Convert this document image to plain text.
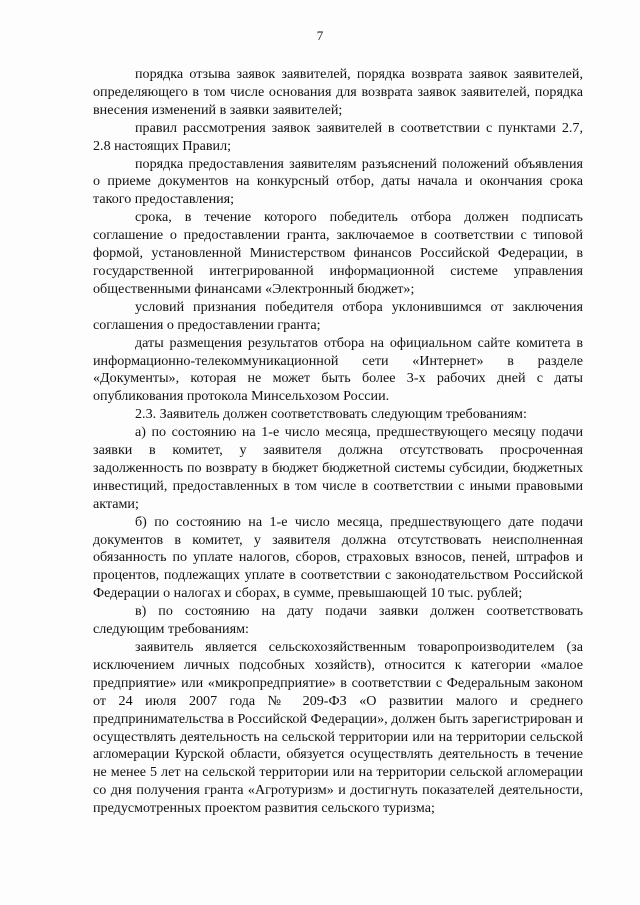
7

порядка отзыва заявок заявителей, порядка возврата заявок заявителей, определяющего в том числе основания для возврата заявок заявителей, порядка внесения изменений в заявки заявителей;

правил рассмотрения заявок заявителей в соответствии с пунктами 2.7, 2.8 настоящих Правил;

порядка предоставления заявителям разъяснений положений объявления о приеме документов на конкурсный отбор, даты начала и окончания срока такого предоставления;

срока, в течение которого победитель отбора должен подписать соглашение о предоставлении гранта, заключаемое в соответствии с типовой формой, установленной Министерством финансов Российской Федерации, в государственной интегрированной информационной системе управления общественными финансами «Электронный бюджет»;

условий признания победителя отбора уклонившимся от заключения соглашения о предоставлении гранта;

даты размещения результатов отбора на официальном сайте комитета в информационно-телекоммуникационной сети «Интернет» в разделе «Документы», которая не может быть более 3-х рабочих дней с даты опубликования протокола Минсельхозом России.

2.3. Заявитель должен соответствовать следующим требованиям:

а) по состоянию на 1-е число месяца, предшествующего месяцу подачи заявки в комитет, у заявителя должна отсутствовать просроченная задолженность по возврату в бюджет бюджетной системы субсидии, бюджетных инвестиций, предоставленных в том числе в соответствии с иными правовыми актами;

б) по состоянию на 1-е число месяца, предшествующего дате подачи документов в комитет, у заявителя должна отсутствовать неисполненная обязанность по уплате налогов, сборов, страховых взносов, пеней, штрафов и процентов, подлежащих уплате в соответствии с законодательством Российской Федерации о налогах и сборах, в сумме, превышающей 10 тыс. рублей;

в) по состоянию на дату подачи заявки должен соответствовать следующим требованиям:

заявитель является сельскохозяйственным товаропроизводителем (за исключением личных подсобных хозяйств), относится к категории «малое предприятие» или «микропредприятие» в соответствии с Федеральным законом от 24 июля 2007 года № 209-ФЗ «О развитии малого и среднего предпринимательства в Российской Федерации», должен быть зарегистрирован и осуществлять деятельность на сельской территории или на территории сельской агломерации Курской области, обязуется осуществлять деятельность в течение не менее 5 лет на сельской территории или на территории сельской агломерации со дня получения гранта «Агротуризм» и достигнуть показателей деятельности, предусмотренных проектом развития сельского туризма;
